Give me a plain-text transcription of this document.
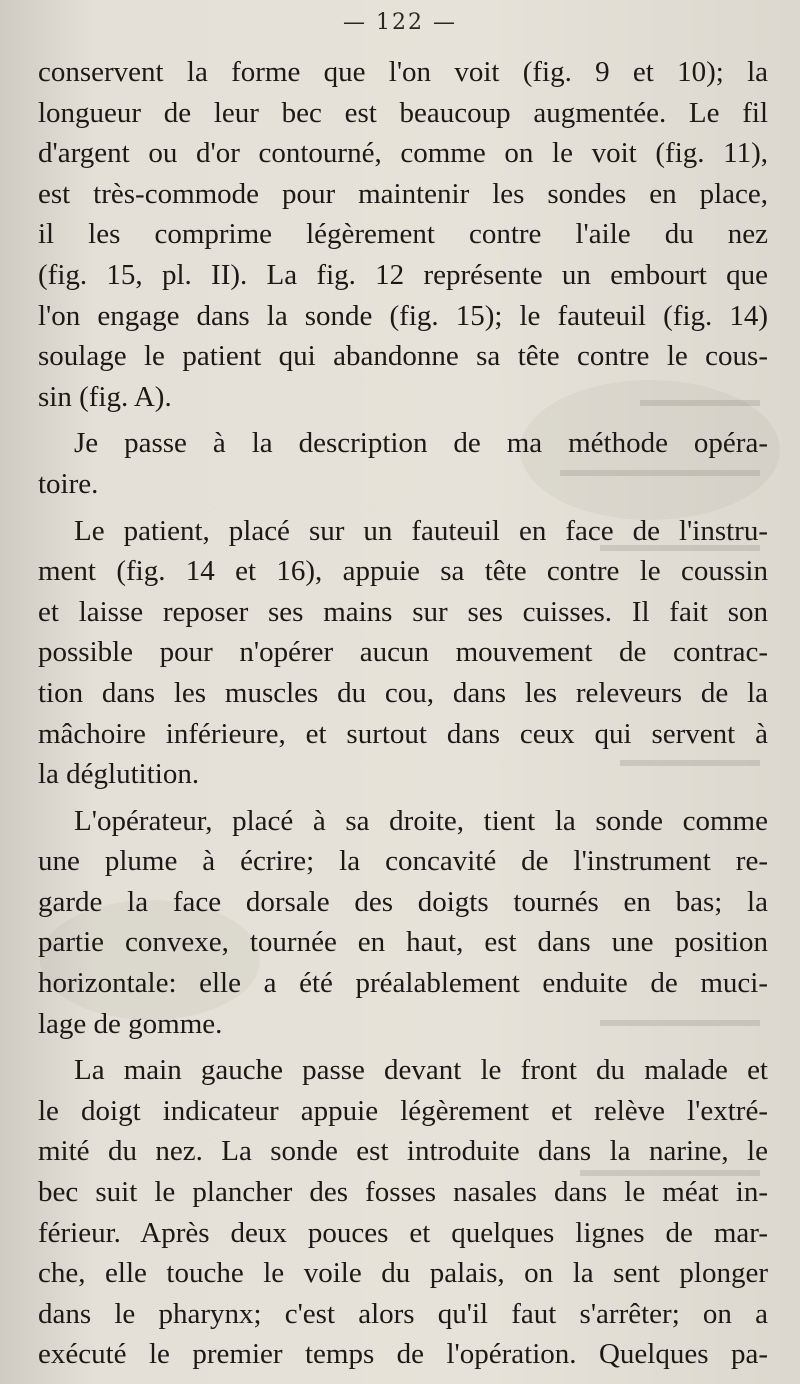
— 122 —
conservent la forme que l'on voit (fig. 9 et 10); la
longueur de leur bec est beaucoup augmentée. Le fil
d'argent ou d'or contourné, comme on le voit (fig. 11),
est très-commode pour maintenir les sondes en place,
il les comprime légèrement contre l'aile du nez
(fig. 15, pl. II). La fig. 12 représente un embourt que
l'on engage dans la sonde (fig. 15); le fauteuil (fig. 14)
soulage le patient qui abandonne sa tête contre le cous-
sin (fig. A).
Je passe à la description de ma méthode opéra-
toire.
Le patient, placé sur un fauteuil en face de l'instru-
ment (fig. 14 et 16), appuie sa tête contre le coussin
et laisse reposer ses mains sur ses cuisses. Il fait son
possible pour n'opérer aucun mouvement de contrac-
tion dans les muscles du cou, dans les releveurs de la
mâchoire inférieure, et surtout dans ceux qui servent à
la déglutition.
L'opérateur, placé à sa droite, tient la sonde comme
une plume à écrire; la concavité de l'instrument re-
garde la face dorsale des doigts tournés en bas; la
partie convexe, tournée en haut, est dans une position
horizontale: elle a été préalablement enduite de muci-
lage de gomme.
La main gauche passe devant le front du malade et
le doigt indicateur appuie légèrement et relève l'extré-
mité du nez. La sonde est introduite dans la narine, le
bec suit le plancher des fosses nasales dans le méat in-
férieur. Après deux pouces et quelques lignes de mar-
che, elle touche le voile du palais, on la sent plonger
dans le pharynx; c'est alors qu'il faut s'arrêter; on a
exécuté le premier temps de l'opération. Quelques pa-
